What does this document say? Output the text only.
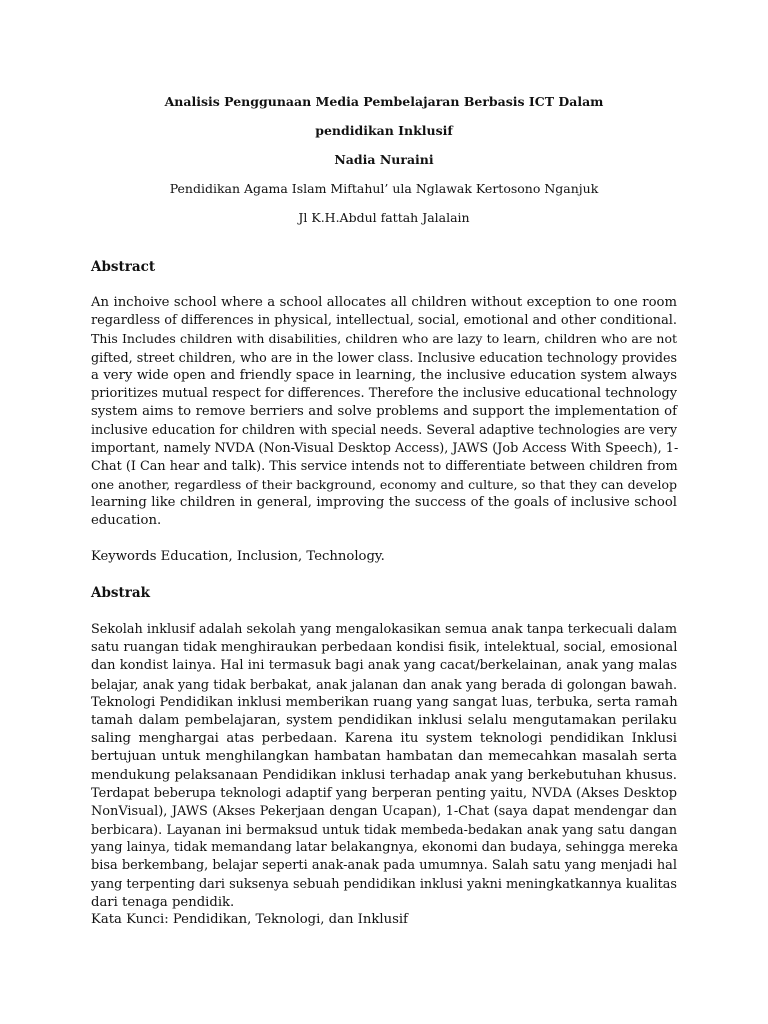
Analisis Penggunaan Media Pembelajaran Berbasis ICT Dalam
pendidikan Inklusif
Nadia Nuraini
Pendidikan Agama Islam Miftahul’ ula Nglawak Kertosono Nganjuk
Jl K.H.Abdul fattah Jalalain
Abstract
An inchoive school where a school allocates all children without exception to one room
regardless of differences in physical, intellectual, social, emotional and other conditional.
This Includes children with disabilities, children who are lazy to learn, children who are not
gifted, street children, who are in the lower class. Inclusive education technology provides
a very wide open and friendly space in learning, the inclusive education system always
prioritizes mutual respect for differences. Therefore the inclusive educational technology
system aims to remove berriers and solve problems and support the implementation of
inclusive education for children with special needs. Several adaptive technologies are very
important, namely NVDA (Non-Visual Desktop Access), JAWS (Job Access With Speech), 1-
Chat (I Can hear and talk). This service intends not to differentiate between children from
one another, regardless of their background, economy and culture, so that they can develop
learning like children in general, improving the success of the goals of inclusive school
education.
Keywords Education, Inclusion, Technology.
Abstrak
Sekolah inklusif adalah sekolah yang mengalokasikan semua anak tanpa terkecuali dalam
satu ruangan tidak menghiraukan perbedaan kondisi fisik, intelektual, social, emosional
dan kondist lainya. Hal ini termasuk bagi anak yang cacat/berkelainan, anak yang malas
belajar, anak yang tidak berbakat, anak jalanan dan anak yang berada di golongan bawah.
Teknologi Pendidikan inklusi memberikan ruang yang sangat luas, terbuka, serta ramah
tamah dalam pembelajaran, system pendidikan inklusi selalu mengutamakan perilaku
saling menghargai atas perbedaan. Karena itu system teknologi pendidikan Inklusi
bertujuan untuk menghilangkan hambatan hambatan dan memecahkan masalah serta
mendukung pelaksanaan Pendidikan inklusi terhadap anak yang berkebutuhan khusus.
Terdapat beberupa teknologi adaptif yang berperan penting yaitu, NVDA (Akses Desktop
NonVisual), JAWS (Akses Pekerjaan dengan Ucapan), 1-Chat (saya dapat mendengar dan
berbicara). Layanan ini bermaksud untuk tidak membeda-bedakan anak yang satu dangan
yang lainya, tidak memandang latar belakangnya, ekonomi dan budaya, sehingga mereka
bisa berkembang, belajar seperti anak-anak pada umumnya. Salah satu yang menjadi hal
yang terpenting dari suksenya sebuah pendidikan inklusi yakni meningkatkannya kualitas
dari tenaga pendidik.
Kata Kunci: Pendidikan, Teknologi, dan Inklusif
